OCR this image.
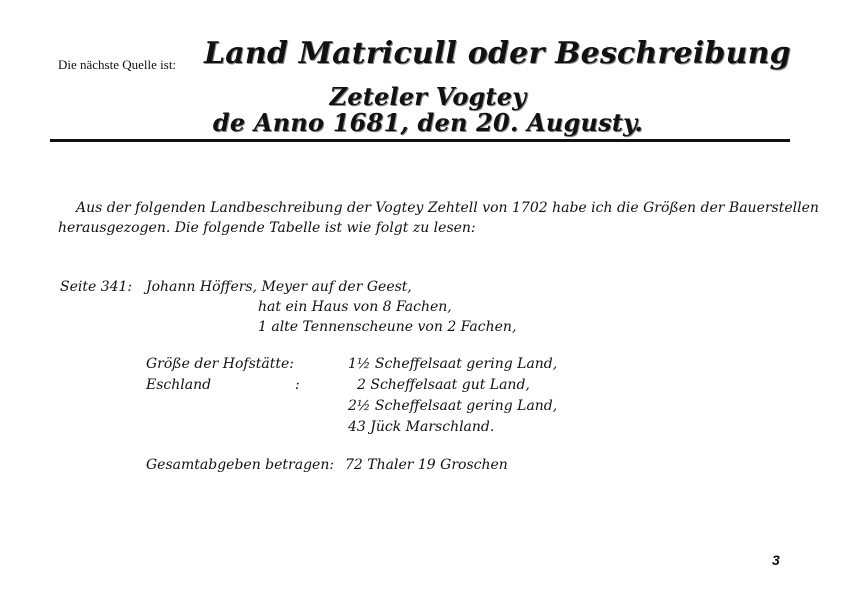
Die nächste Quelle ist: Land Matricull oder Beschreibung
Zeteler Vogtey
de Anno 1681, den 20. Augusty.
Aus der folgenden Landbeschreibung der Vogtey Zehtell von 1702 habe ich die Größen der Bauerstellen
herausgezogen. Die folgende Tabelle ist wie folgt zu lesen:
Seite 341: Johann Höffers, Meyer auf der Geest,
hat ein Haus von 8 Fachen,
1 alte Tennenscheune von 2 Fachen,
Größe der Hofstätte:
Eschland	:
1½ Scheffelsaat gering Land,
2 Scheffelsaat gut Land,
2½ Scheffelsaat gering Land,
43 Jück Marschland.
Gesamtabgeben betragen: 72 Thaler 19 Groschen
3
